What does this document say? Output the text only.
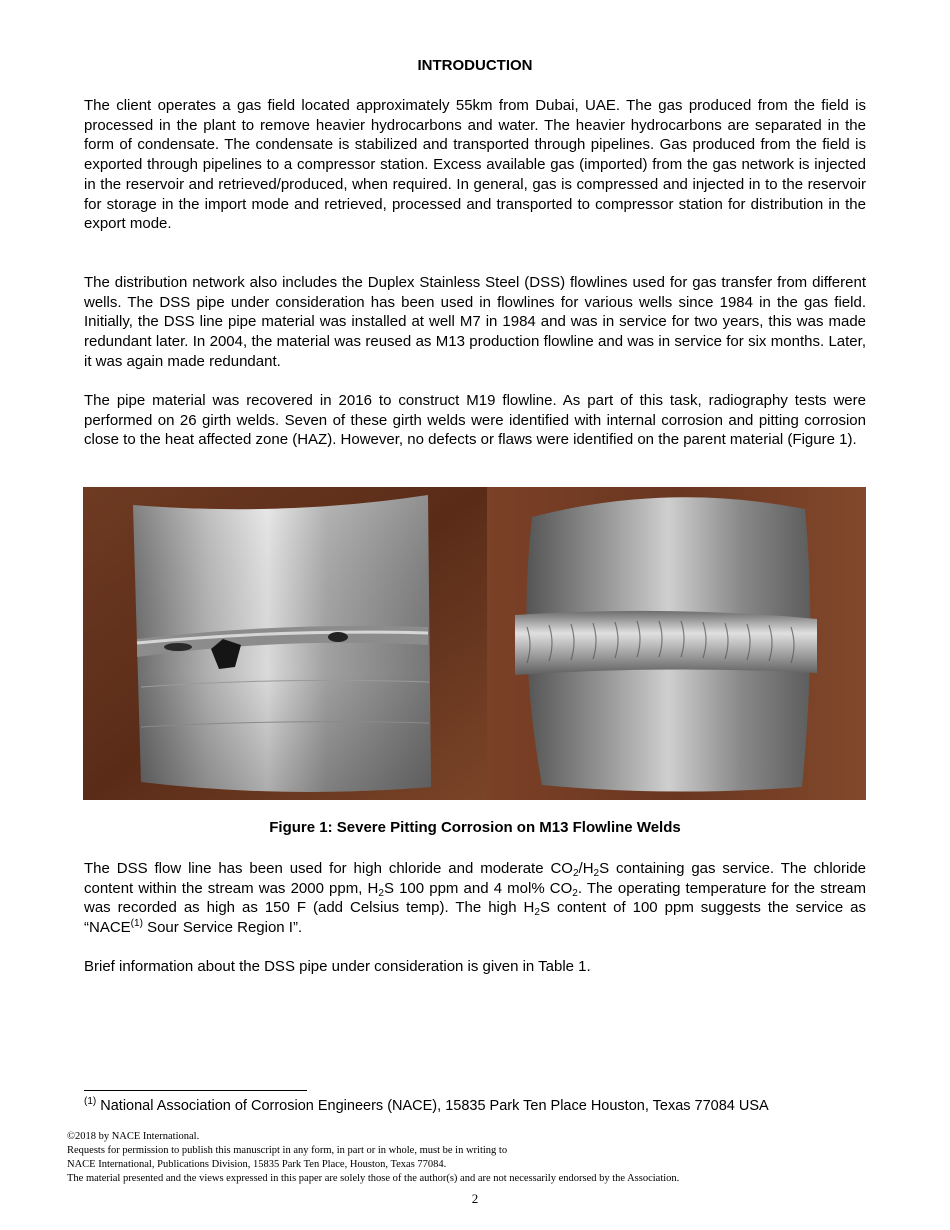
INTRODUCTION

The client operates a gas field located approximately 55km from Dubai, UAE. The gas produced from the field is processed in the plant to remove heavier hydrocarbons and water. The heavier hydrocarbons are separated in the form of condensate. The condensate is stabilized and transported through pipelines. Gas produced from the field is exported through pipelines to a compressor station. Excess available gas (imported) from the gas network is injected in the reservoir and retrieved/produced, when required. In general, gas is compressed and injected in to the reservoir for storage in the import mode and retrieved, processed and transported to compressor station for distribution in the export mode.

The distribution network also includes the Duplex Stainless Steel (DSS) flowlines used for gas transfer from different wells. The DSS pipe under consideration has been used in flowlines for various wells since 1984 in the gas field. Initially, the DSS line pipe material was installed at well M7 in 1984 and was in service for two years, this was made redundant later. In 2004, the material was reused as M13 production flowline and was in service for six months. Later, it was again made redundant.

The pipe material was recovered in 2016 to construct M19 flowline. As part of this task, radiography tests were performed on 26 girth welds. Seven of these girth welds were identified with internal corrosion and pitting corrosion close to the heat affected zone (HAZ). However, no defects or flaws were identified on the parent material (Figure 1).

Figure 1: Severe Pitting Corrosion on M13 Flowline Welds

The DSS flow line has been used for high chloride and moderate $CO_2/H_2S$ containing gas service. The chloride content within the stream was 2000 ppm, $H_2S$ 100 ppm and 4 mol% $CO_2$. The operating temperature for the stream was recorded as high as 150 F (add Celsius temp). The high $H_2S$ content of 100 ppm suggests the service as “NACE$^{(1)}$ Sour Service Region I”.

Brief information about the DSS pipe under consideration is given in Table 1.

$^{(1)}$ National Association of Corrosion Engineers (NACE), 15835 Park Ten Place Houston, Texas 77084 USA
©2018 by NACE International.
Requests for permission to publish this manuscript in any form, in part or in whole, must be in writing to
NACE International, Publications Division, 15835 Park Ten Place, Houston, Texas 77084.
The material presented and the views expressed in this paper are solely those of the author(s) and are not necessarily endorsed by the Association.
2
